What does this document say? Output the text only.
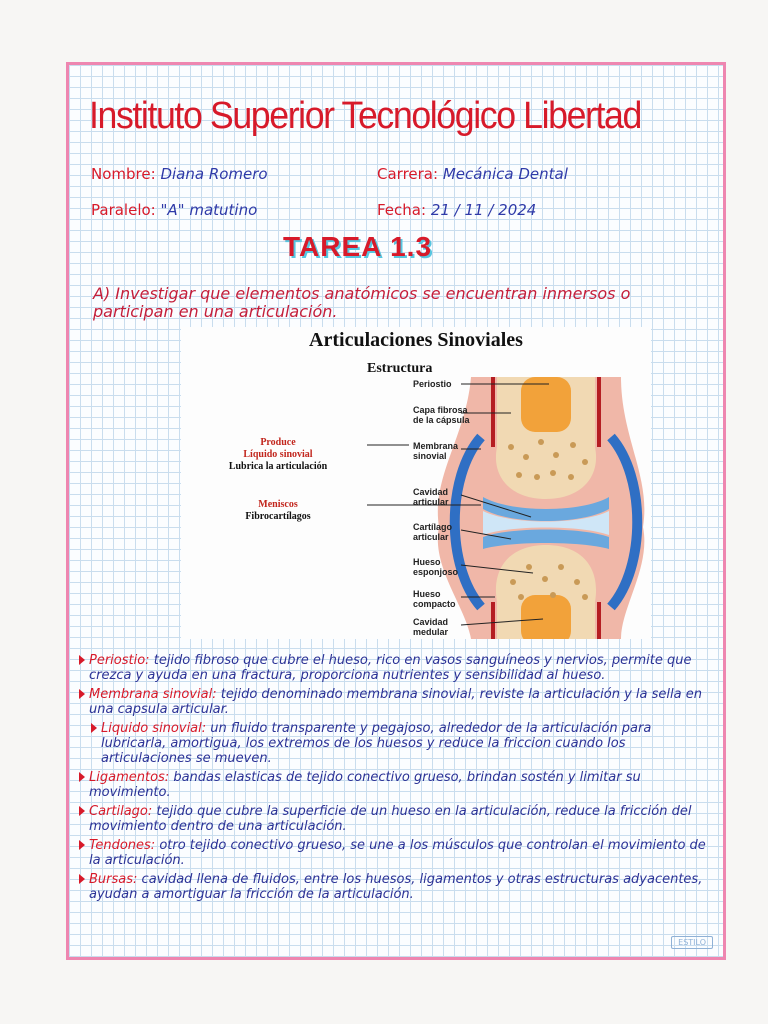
Instituto Superior Tecnológico Libertad
Nombre: Diana Romero	Carrera: Mecánica Dental
Paralelo: "A" matutino	Fecha: 21 / 11 / 2024
TAREA 1.3
A) Investigar que elementos anatómicos se encuentran inmersos o participan en una articulación.
Articulaciones Sinoviales
Estructura
Periostio
Capa fibrosa de la cápsula
Membrana sinovial
Cavidad articular
Cartílago articular
Hueso esponjoso
Hueso compacto
Cavidad medular
Produce
Líquido sinovial
Lubrica la articulación
Meniscos
Fibrocartílagos
Periostio: tejido fibroso que cubre el hueso, rico en vasos sanguíneos y nervios, permite que crezca y ayuda en una fractura, proporciona nutrientes y sensibilidad al hueso.
Membrana sinovial: tejido denominado membrana sinovial, reviste la articulación y la sella en una capsula articular.
Liquido sinovial: un fluido transparente y pegajoso, alrededor de la articulación para lubricarla, amortigua, los extremos de los huesos y reduce la friccion cuando los articulaciones se mueven.
Ligamentos: bandas elasticas de tejido conectivo grueso, brindan sostén y limitar su movimiento.
Cartilago: tejido que cubre la superficie de un hueso en la articulación, reduce la fricción del movimiento dentro de una articulación.
Tendones: otro tejido conectivo grueso, se une a los músculos que controlan el movimiento de la articulación.
Bursas: cavidad llena de fluidos, entre los huesos, ligamentos y otras estructuras adyacentes, ayudan a amortiguar la fricción de la articulación.
ESTILO
